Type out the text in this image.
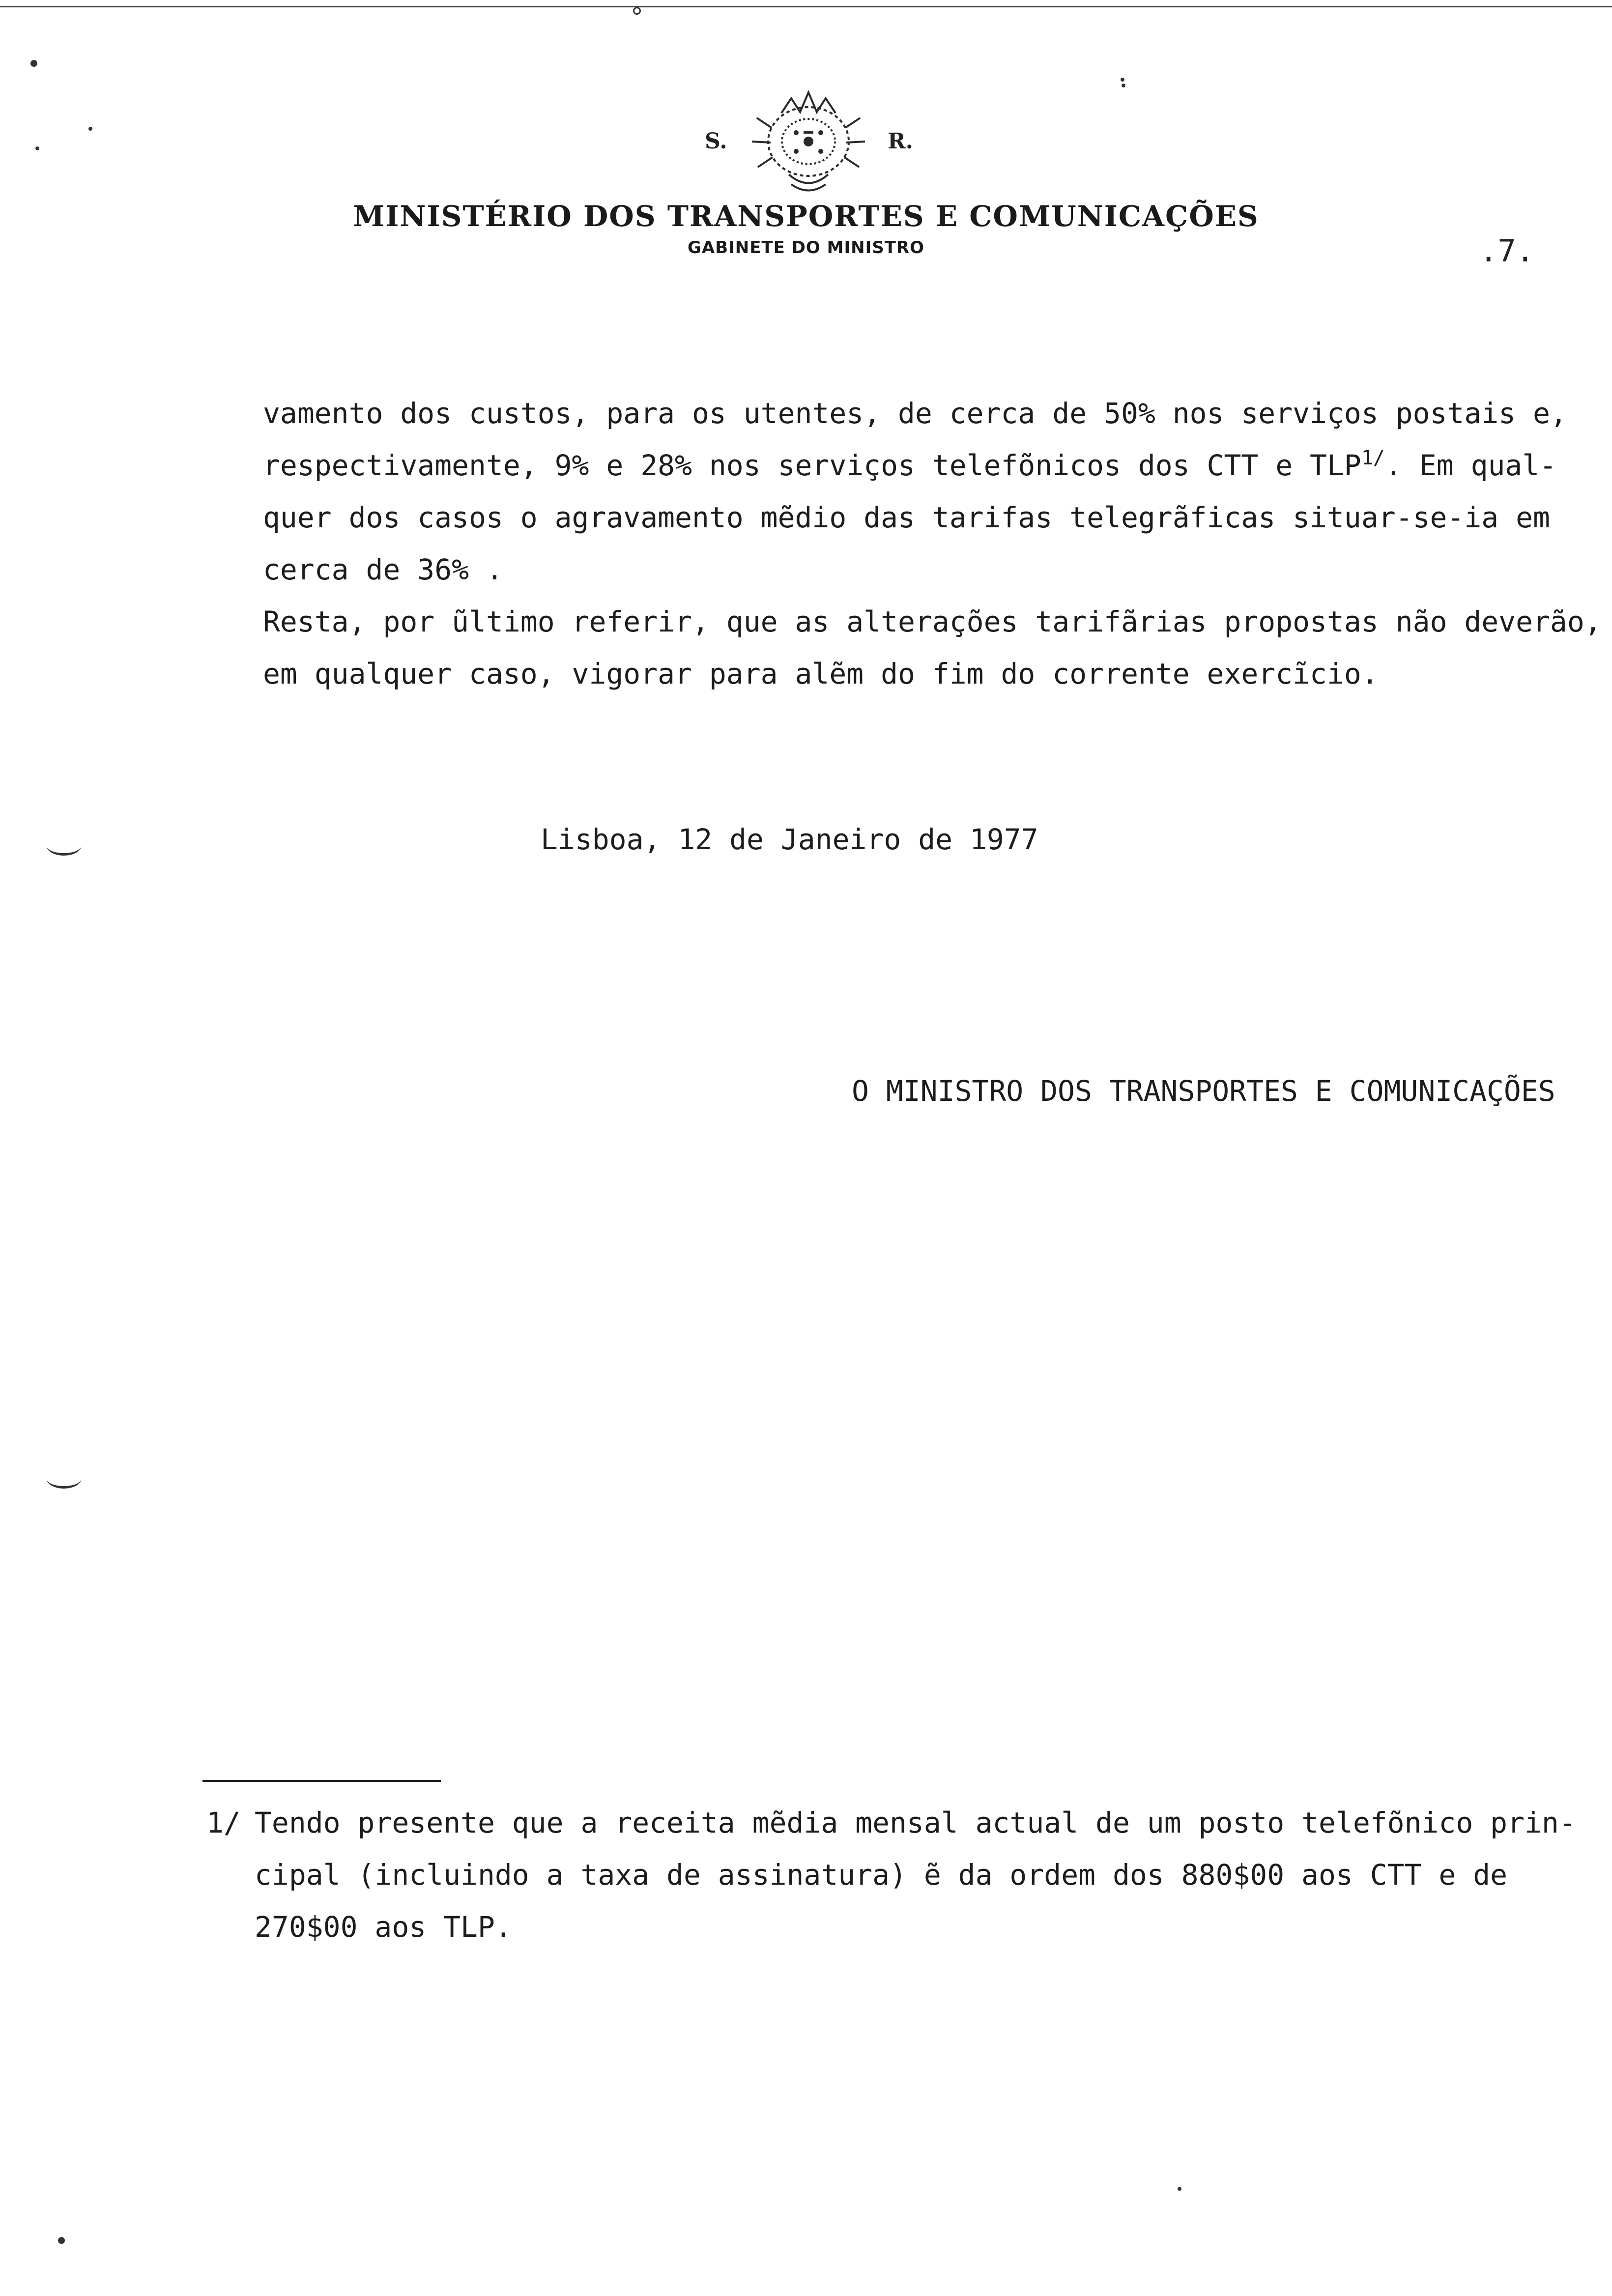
S.	R.
MINISTÉRIO DOS TRANSPORTES E COMUNICAÇÕES
GABINETE DO MINISTRO	.7.

vamento dos custos, para os utentes, de cerca de 50% nos serviços postais e,

respectivamente, 9% e 28% nos serviços telefõnicos dos CTT e TLP$^{1/}$. Em qual-

quer dos casos o agravamento mẽdio das tarifas telegrãficas situar-se-ia em

cerca de 36% .

Resta, por ũltimo referir, que as alterações tarifãrias propostas não deverão,

em qualquer caso, vigorar para alẽm do fim do corrente exercĩcio.

Lisboa, 12 de Janeiro de 1977
O MINISTRO DOS TRANSPORTES E COMUNICAÇÕES
1/ Tendo presente que a receita mẽdia mensal actual de um posto telefõnico prin-

cipal (incluindo a taxa de assinatura) ẽ da ordem dos 880$00 aos CTT e de

270$00 aos TLP.
